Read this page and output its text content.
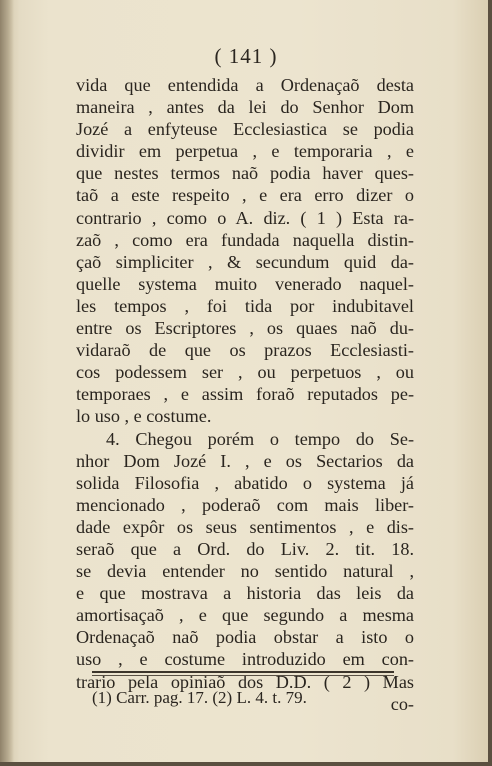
( 141 )
vida que entendida a Ordenaçaõ desta
maneira , antes da lei do Senhor Dom
Jozé a enfyteuse Ecclesiastica se podia
dividir em perpetua , e temporaria , e
que nestes termos naõ podia haver ques-
taõ a este respeito , e era erro dizer o
contrario , como o A. diz. ( 1 ) Esta ra-
zaõ , como era fundada naquella distin-
çaõ simpliciter , & secundum quid da-
quelle systema muito venerado naquel-
les tempos , foi tida por indubitavel
entre os Escriptores , os quaes naõ du-
vidaraõ de que os prazos Ecclesiasti-
cos podessem ser , ou perpetuos , ou
temporaes , e assim foraõ reputados pe-
lo uso , e costume.
4. Chegou porém o tempo do Se-
nhor Dom Jozé I. , e os Sectarios da
solida Filosofia , abatido o systema já
mencionado , poderaõ com mais liber-
dade expôr os seus sentimentos , e dis-
seraõ que a Ord. do Liv. 2. tit. 18.
se devia entender no sentido natural ,
e que mostrava a historia das leis da
amortisaçaõ , e que segundo a mesma
Ordenaçaõ naõ podia obstar a isto o
uso , e costume introduzido em con-
trario pela opiniaõ dos D.D. ( 2 ) Mas
co-
(1) Carr. pag. 17. (2) L. 4. t. 79.
